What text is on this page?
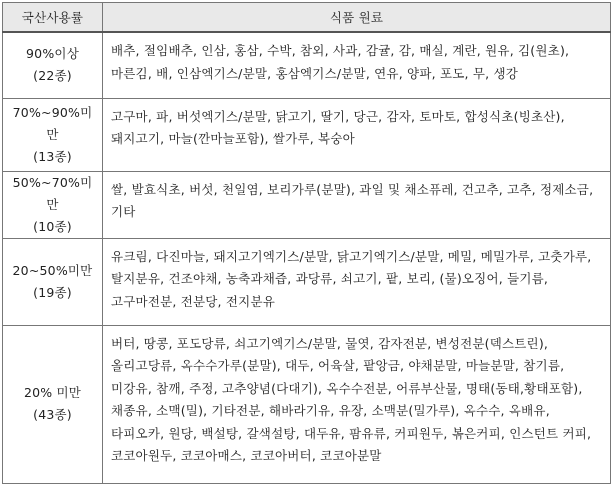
국산사용률	식품 원료

90%이상
(22종)	배추, 절임배추, 인삼, 홍삼, 수박, 참외, 사과, 감귤, 감, 매실, 계란, 원유, 김(원초), 마른김, 배, 인삼엑기스/분말, 홍삼엑기스/분말, 연유, 양파, 포도, 무, 생강

70%~90%미만
(13종)	고구마, 파, 버섯엑기스/분말, 닭고기, 딸기, 당근, 감자, 토마토, 합성식초(빙초산), 돼지고기, 마늘(깐마늘포함), 쌀가루, 복숭아

50%~70%미만
(10종)	쌀, 발효식초, 버섯, 천일염, 보리가루(분말), 과일 및 채소퓨레, 건고추, 고추, 정제소금, 기타

20~50%미만
(19종)	유크림, 다진마늘, 돼지고기엑기스/분말, 닭고기엑기스/분말, 메밀, 메밀가루, 고춧가루, 탈지분유, 건조야채, 농축과채즙, 과당류, 쇠고기, 팥, 보리, (물)오징어, 들기름, 고구마전분, 전분당, 전지분유

20% 미만
(43종)	버터, 땅콩, 포도당류, 쇠고기엑기스/분말, 물엿, 감자전분, 변성전분(덱스트린), 올리고당류, 옥수수가루(분말), 대두, 어육살, 팥앙금, 야채분말, 마늘분말, 참기름, 미강유, 참깨, 주정, 고추양념(다대기), 옥수수전분, 어류부산물, 명태(동태,황태포함), 채종유, 소맥(밀), 기타전분, 해바라기유, 유장, 소맥분(밀가루), 옥수수, 옥배유, 타피오카, 원당, 백설탕, 갈색설탕, 대두유, 팜유류, 커피원두, 볶은커피, 인스턴트 커피, 코코아원두, 코코아매스, 코코아버터, 코코아분말
